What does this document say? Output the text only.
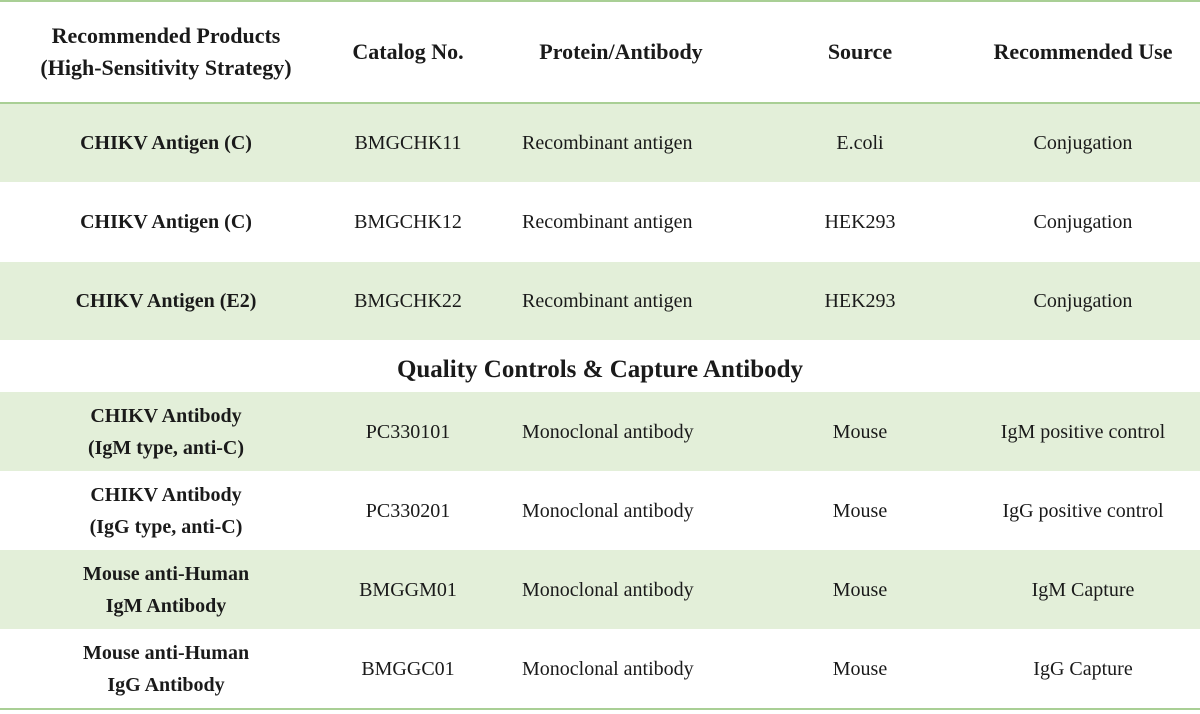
Recommended Products
(High-Sensitivity Strategy)
Catalog No.	Protein/Antibody	Source	Recommended Use
CHIKV Antigen (C)	BMGCHK11	Recombinant antigen	E.coli	Conjugation
CHIKV Antigen (C)	BMGCHK12	Recombinant antigen	HEK293	Conjugation
CHIKV Antigen (E2)	BMGCHK22	Recombinant antigen	HEK293	Conjugation
Quality Controls & Capture Antibody
CHIKV Antibody
(IgM type, anti-C)
PC330101	Monoclonal antibody	Mouse	IgM positive control
CHIKV Antibody
(IgG type, anti-C)
PC330201	Monoclonal antibody	Mouse	IgG positive control
Mouse anti-Human
IgM Antibody
BMGGM01	Monoclonal antibody	Mouse	IgM Capture
Mouse anti-Human
IgG Antibody
BMGGC01	Monoclonal antibody	Mouse	IgG Capture
